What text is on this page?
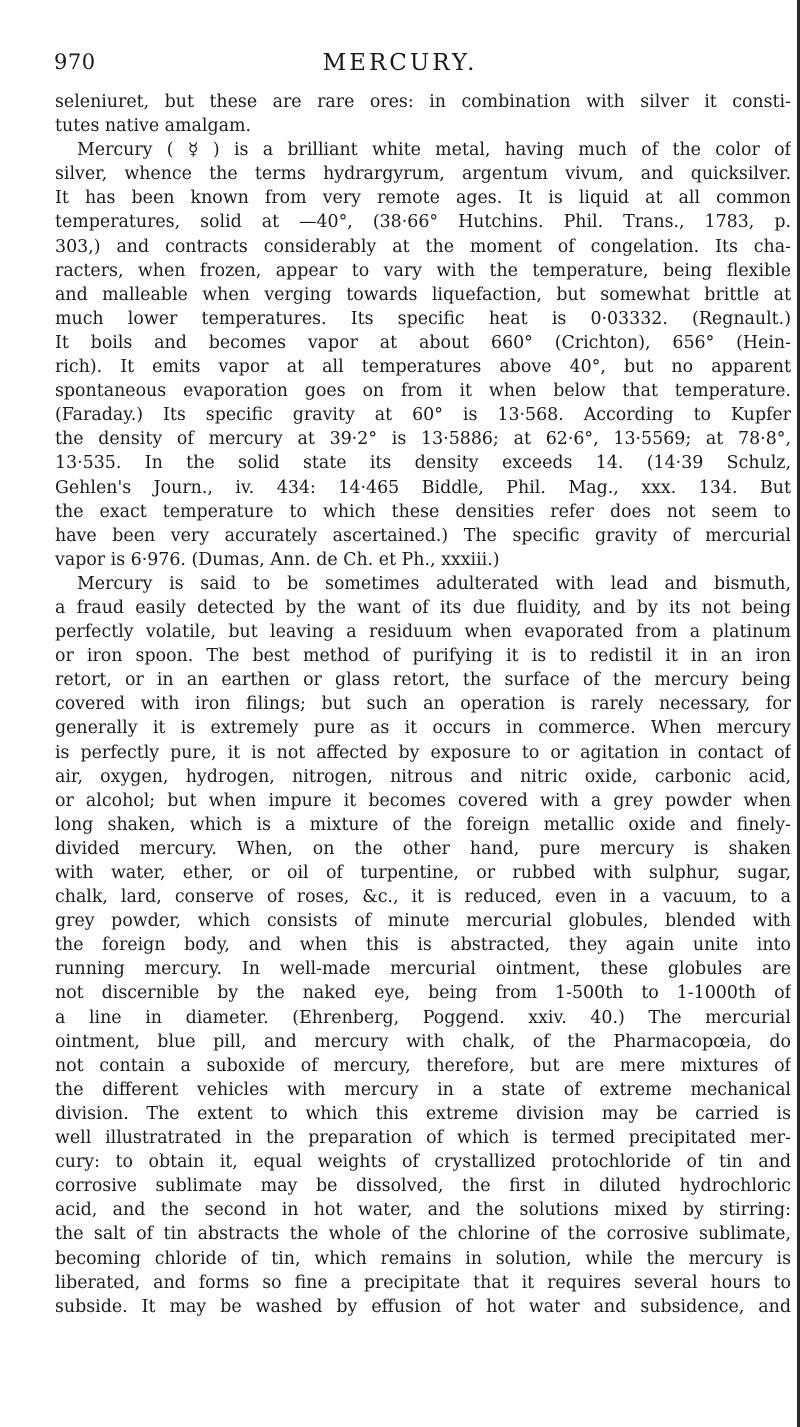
970	MERCURY.
seleniuret, but these are rare ores: in combination with silver it consti-
tutes native amalgam.
Mercury ( ☿ ) is a brilliant white metal, having much of the color of
silver, whence the terms hydrargyrum, argentum vivum, and quicksilver.
It has been known from very remote ages. It is liquid at all common
temperatures, solid at —40°, (38·66° Hutchins. Phil. Trans., 1783, p.
303,) and contracts considerably at the moment of congelation. Its cha-
racters, when frozen, appear to vary with the temperature, being flexible
and malleable when verging towards liquefaction, but somewhat brittle at
much lower temperatures. Its specific heat is 0·03332. (Regnault.)
It boils and becomes vapor at about 660° (Crichton), 656° (Hein-
rich). It emits vapor at all temperatures above 40°, but no apparent
spontaneous evaporation goes on from it when below that temperature.
(Faraday.) Its specific gravity at 60° is 13·568. According to Kupfer
the density of mercury at 39·2° is 13·5886; at 62·6°, 13·5569; at 78·8°,
13·535. In the solid state its density exceeds 14. (14·39 Schulz,
Gehlen's Journ., iv. 434: 14·465 Biddle, Phil. Mag., xxx. 134. But
the exact temperature to which these densities refer does not seem to
have been very accurately ascertained.) The specific gravity of mercurial
vapor is 6·976. (Dumas, Ann. de Ch. et Ph., xxxiii.)
Mercury is said to be sometimes adulterated with lead and bismuth,
a fraud easily detected by the want of its due fluidity, and by its not being
perfectly volatile, but leaving a residuum when evaporated from a platinum
or iron spoon. The best method of purifying it is to redistil it in an iron
retort, or in an earthen or glass retort, the surface of the mercury being
covered with iron filings; but such an operation is rarely necessary, for
generally it is extremely pure as it occurs in commerce. When mercury
is perfectly pure, it is not affected by exposure to or agitation in contact of
air, oxygen, hydrogen, nitrogen, nitrous and nitric oxide, carbonic acid,
or alcohol; but when impure it becomes covered with a grey powder when
long shaken, which is a mixture of the foreign metallic oxide and finely-
divided mercury. When, on the other hand, pure mercury is shaken
with water, ether, or oil of turpentine, or rubbed with sulphur, sugar,
chalk, lard, conserve of roses, &c., it is reduced, even in a vacuum, to a
grey powder, which consists of minute mercurial globules, blended with
the foreign body, and when this is abstracted, they again unite into
running mercury. In well-made mercurial ointment, these globules are
not discernible by the naked eye, being from 1-500th to 1-1000th of
a line in diameter. (Ehrenberg, Poggend. xxiv. 40.) The mercurial
ointment, blue pill, and mercury with chalk, of the Pharmacopœia, do
not contain a suboxide of mercury, therefore, but are mere mixtures of
the different vehicles with mercury in a state of extreme mechanical
division. The extent to which this extreme division may be carried is
well illustratrated in the preparation of which is termed precipitated mer-
cury: to obtain it, equal weights of crystallized protochloride of tin and
corrosive sublimate may be dissolved, the first in diluted hydrochloric
acid, and the second in hot water, and the solutions mixed by stirring:
the salt of tin abstracts the whole of the chlorine of the corrosive sublimate,
becoming chloride of tin, which remains in solution, while the mercury is
liberated, and forms so fine a precipitate that it requires several hours to
subside. It may be washed by effusion of hot water and subsidence, and
